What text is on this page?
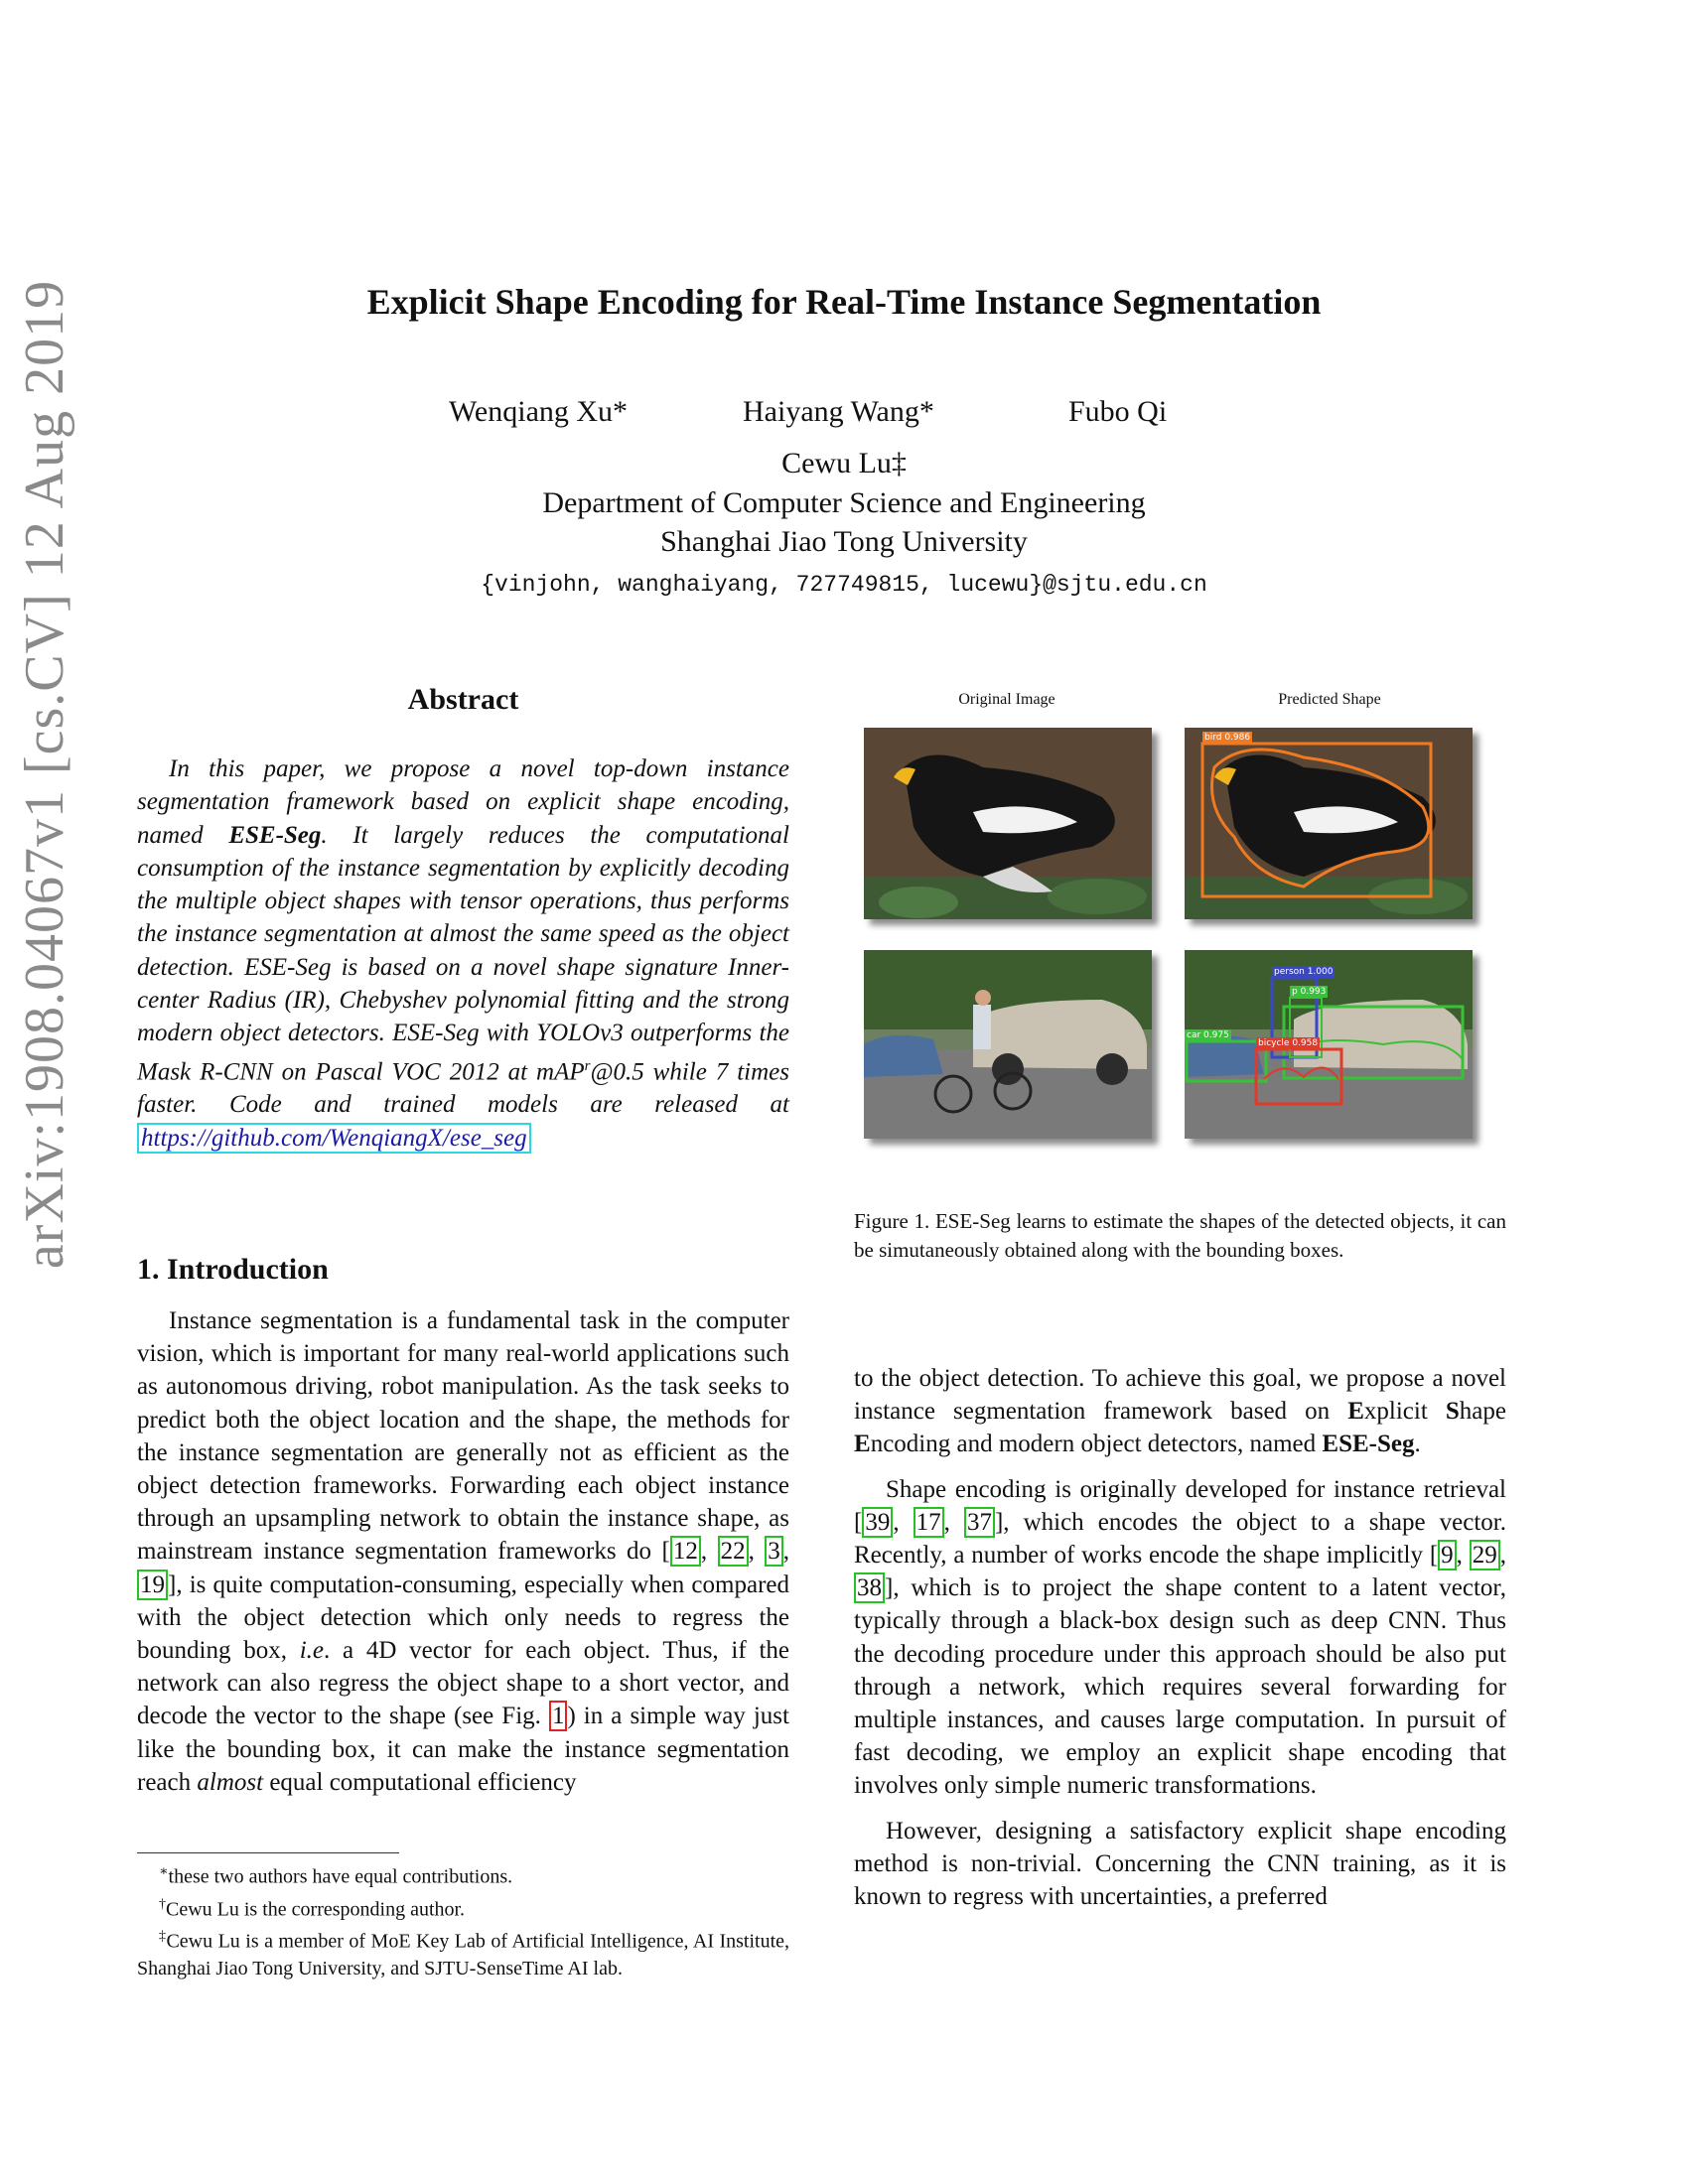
arXiv:1908.04067v1 [cs.CV] 12 Aug 2019	Explicit Shape Encoding for Real-Time Instance Segmentation
Wenqiang Xu*	Haiyang Wang*	Fubo Qi
Cewu Lu‡
Department of Computer Science and Engineering
Shanghai Jiao Tong University
{vinjohn, wanghaiyang, 727749815, lucewu}@sjtu.edu.cn
Abstract

In this paper, we propose a novel top-down instance segmentation framework based on explicit shape encoding, named ESE-Seg. It largely reduces the computational consumption of the instance segmentation by explicitly decoding the multiple object shapes with tensor operations, thus performs the instance segmentation at almost the same speed as the object detection. ESE-Seg is based on a novel shape signature Inner-center Radius (IR), Chebyshev polynomial fitting and the strong modern object detectors. ESE-Seg with YOLOv3 outperforms the Mask R-CNN on Pascal VOC 2012 at mAP$^r$@0.5 while 7 times faster. Code and trained models are released at https://github.com/WenqiangX/ese_seg

1. Introduction

Instance segmentation is a fundamental task in the computer vision, which is important for many real-world applications such as autonomous driving, robot manipulation. As the task seeks to predict both the object location and the shape, the methods for the instance segmentation are generally not as efficient as the object detection frameworks. Forwarding each object instance through an upsampling network to obtain the instance shape, as mainstream instance segmentation frameworks do [ 12 , 22 , 3 , 19 ], is quite computation-consuming, especially when compared with the object detection which only needs to regress the bounding box, i.e. a 4D vector for each object. Thus, if the network can also regress the object shape to a short vector, and decode the vector to the shape (see Fig. 1 ) in a simple way just like the bounding box, it can make the instance segmentation reach almost equal computational efficiency

∗these two authors have equal contributions.

†Cewu Lu is the corresponding author.

‡Cewu Lu is a member of MoE Key Lab of Artificial Intelligence, AI Institute, Shanghai Jiao Tong University, and SJTU-SenseTime AI lab.

Original Image	Predicted Shape
bird 0.986
person 1.000
p 0.993
car 0.975
bicycle 0.958
Figure 1. ESE-Seg learns to estimate the shapes of the detected objects, it can be simutaneously obtained along with the bounding boxes.

to the object detection. To achieve this goal, we propose a novel instance segmentation framework based on Explicit Shape Encoding and modern object detectors, named ESE-Seg.

Shape encoding is originally developed for instance retrieval [ 39 , 17 , 37 ], which encodes the object to a shape vector. Recently, a number of works encode the shape implicitly [ 9 , 29 , 38 ], which is to project the shape content to a latent vector, typically through a black-box design such as deep CNN. Thus the decoding procedure under this approach should be also put through a network, which requires several forwarding for multiple instances, and causes large computation. In pursuit of fast decoding, we employ an explicit shape encoding that involves only simple numeric transformations.

However, designing a satisfactory explicit shape encoding method is non-trivial. Concerning the CNN training, as it is known to regress with uncertainties, a preferred
